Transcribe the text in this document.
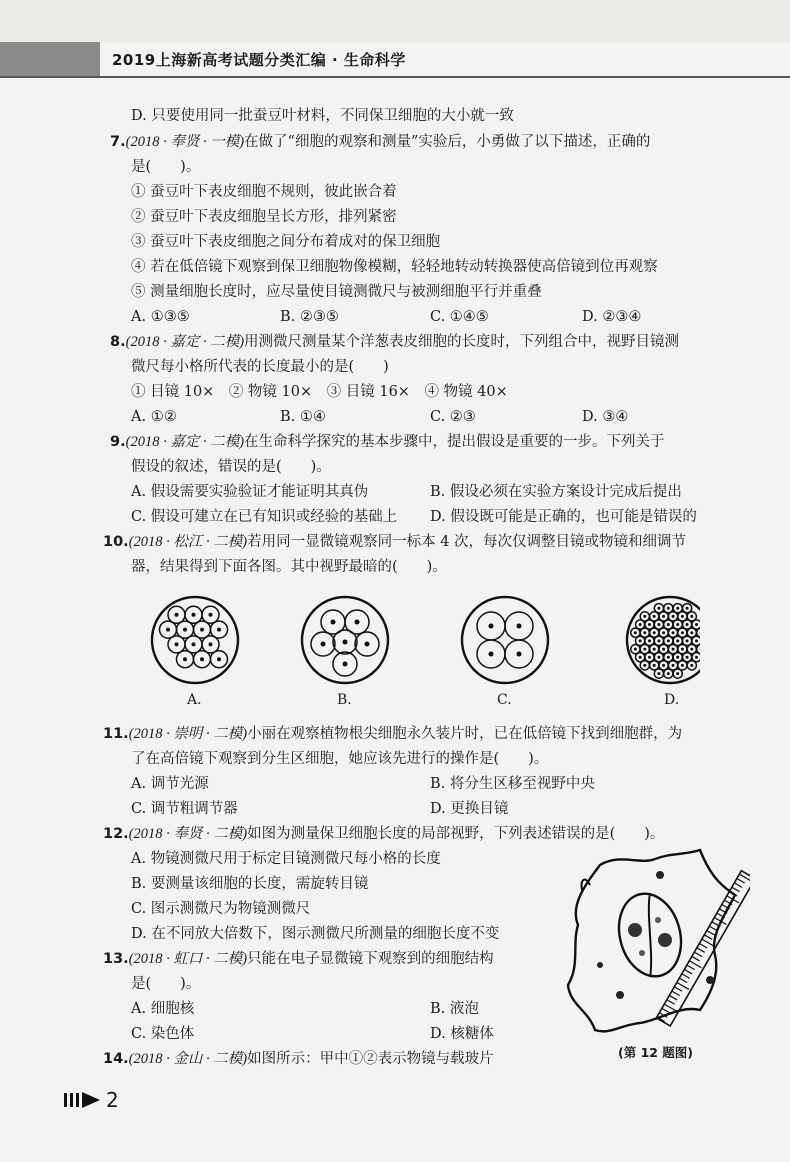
2019上海新高考试题分类汇编 · 生命科学
D. 只要使用同一批蚕豆叶材料，不同保卫细胞的大小就一致
7.(2018 · 奉贤 · 一模)在做了“细胞的观察和测量”实验后，小勇做了以下描述，正确的
是(　　)。
① 蚕豆叶下表皮细胞不规则，彼此嵌合着
② 蚕豆叶下表皮细胞呈长方形，排列紧密
③ 蚕豆叶下表皮细胞之间分布着成对的保卫细胞
④ 若在低倍镜下观察到保卫细胞物像模糊，轻轻地转动转换器使高倍镜到位再观察
⑤ 测量细胞长度时，应尽量使目镜测微尺与被测细胞平行并重叠
A. ①③⑤	B. ②③⑤	C. ①④⑤	D. ②③④
8.(2018 · 嘉定 · 二模)用测微尺测量某个洋葱表皮细胞的长度时，下列组合中，视野目镜测
微尺每小格所代表的长度最小的是(　　)
① 目镜 10×　② 物镜 10×　③ 目镜 16×　④ 物镜 40×
A. ①②	B. ①④	C. ②③	D. ③④
9.(2018 · 嘉定 · 二模)在生命科学探究的基本步骤中，提出假设是重要的一步。下列关于
假设的叙述，错误的是(　　)。
A. 假设需要实验验证才能证明其真伪	B. 假设必须在实验方案设计完成后提出
C. 假设可建立在已有知识或经验的基础上 D. 假设既可能是正确的，也可能是错误的
10.(2018 · 松江 · 二模)若用同一显微镜观察同一标本 4 次，每次仅调整目镜或物镜和细调节
器，结果得到下面各图。其中视野最暗的(　　)。
A.	B.	C.	D.
11.(2018 · 崇明 · 二模)小丽在观察植物根尖细胞永久装片时，已在低倍镜下找到细胞群，为
了在高倍镜下观察到分生区细胞，她应该先进行的操作是(　　)。
A. 调节光源	B. 将分生区移至视野中央
C. 调节粗调节器	D. 更换目镜
12.(2018 · 奉贤 · 二模)如图为测量保卫细胞长度的局部视野，下列表述错误的是(　　)。
A. 物镜测微尺用于标定目镜测微尺每小格的长度
B. 要测量该细胞的长度，需旋转目镜
C. 图示测微尺为物镜测微尺
D. 在不同放大倍数下，图示测微尺所测量的细胞长度不变
(第 12 题图)
13.(2018 · 虹口 · 二模)只能在电子显微镜下观察到的细胞结构
是(　　)。
A. 细胞核	B. 液泡
C. 染色体	D. 核糖体
14.(2018 · 金山 · 二模)如图所示：甲中①②表示物镜与载玻片
2
